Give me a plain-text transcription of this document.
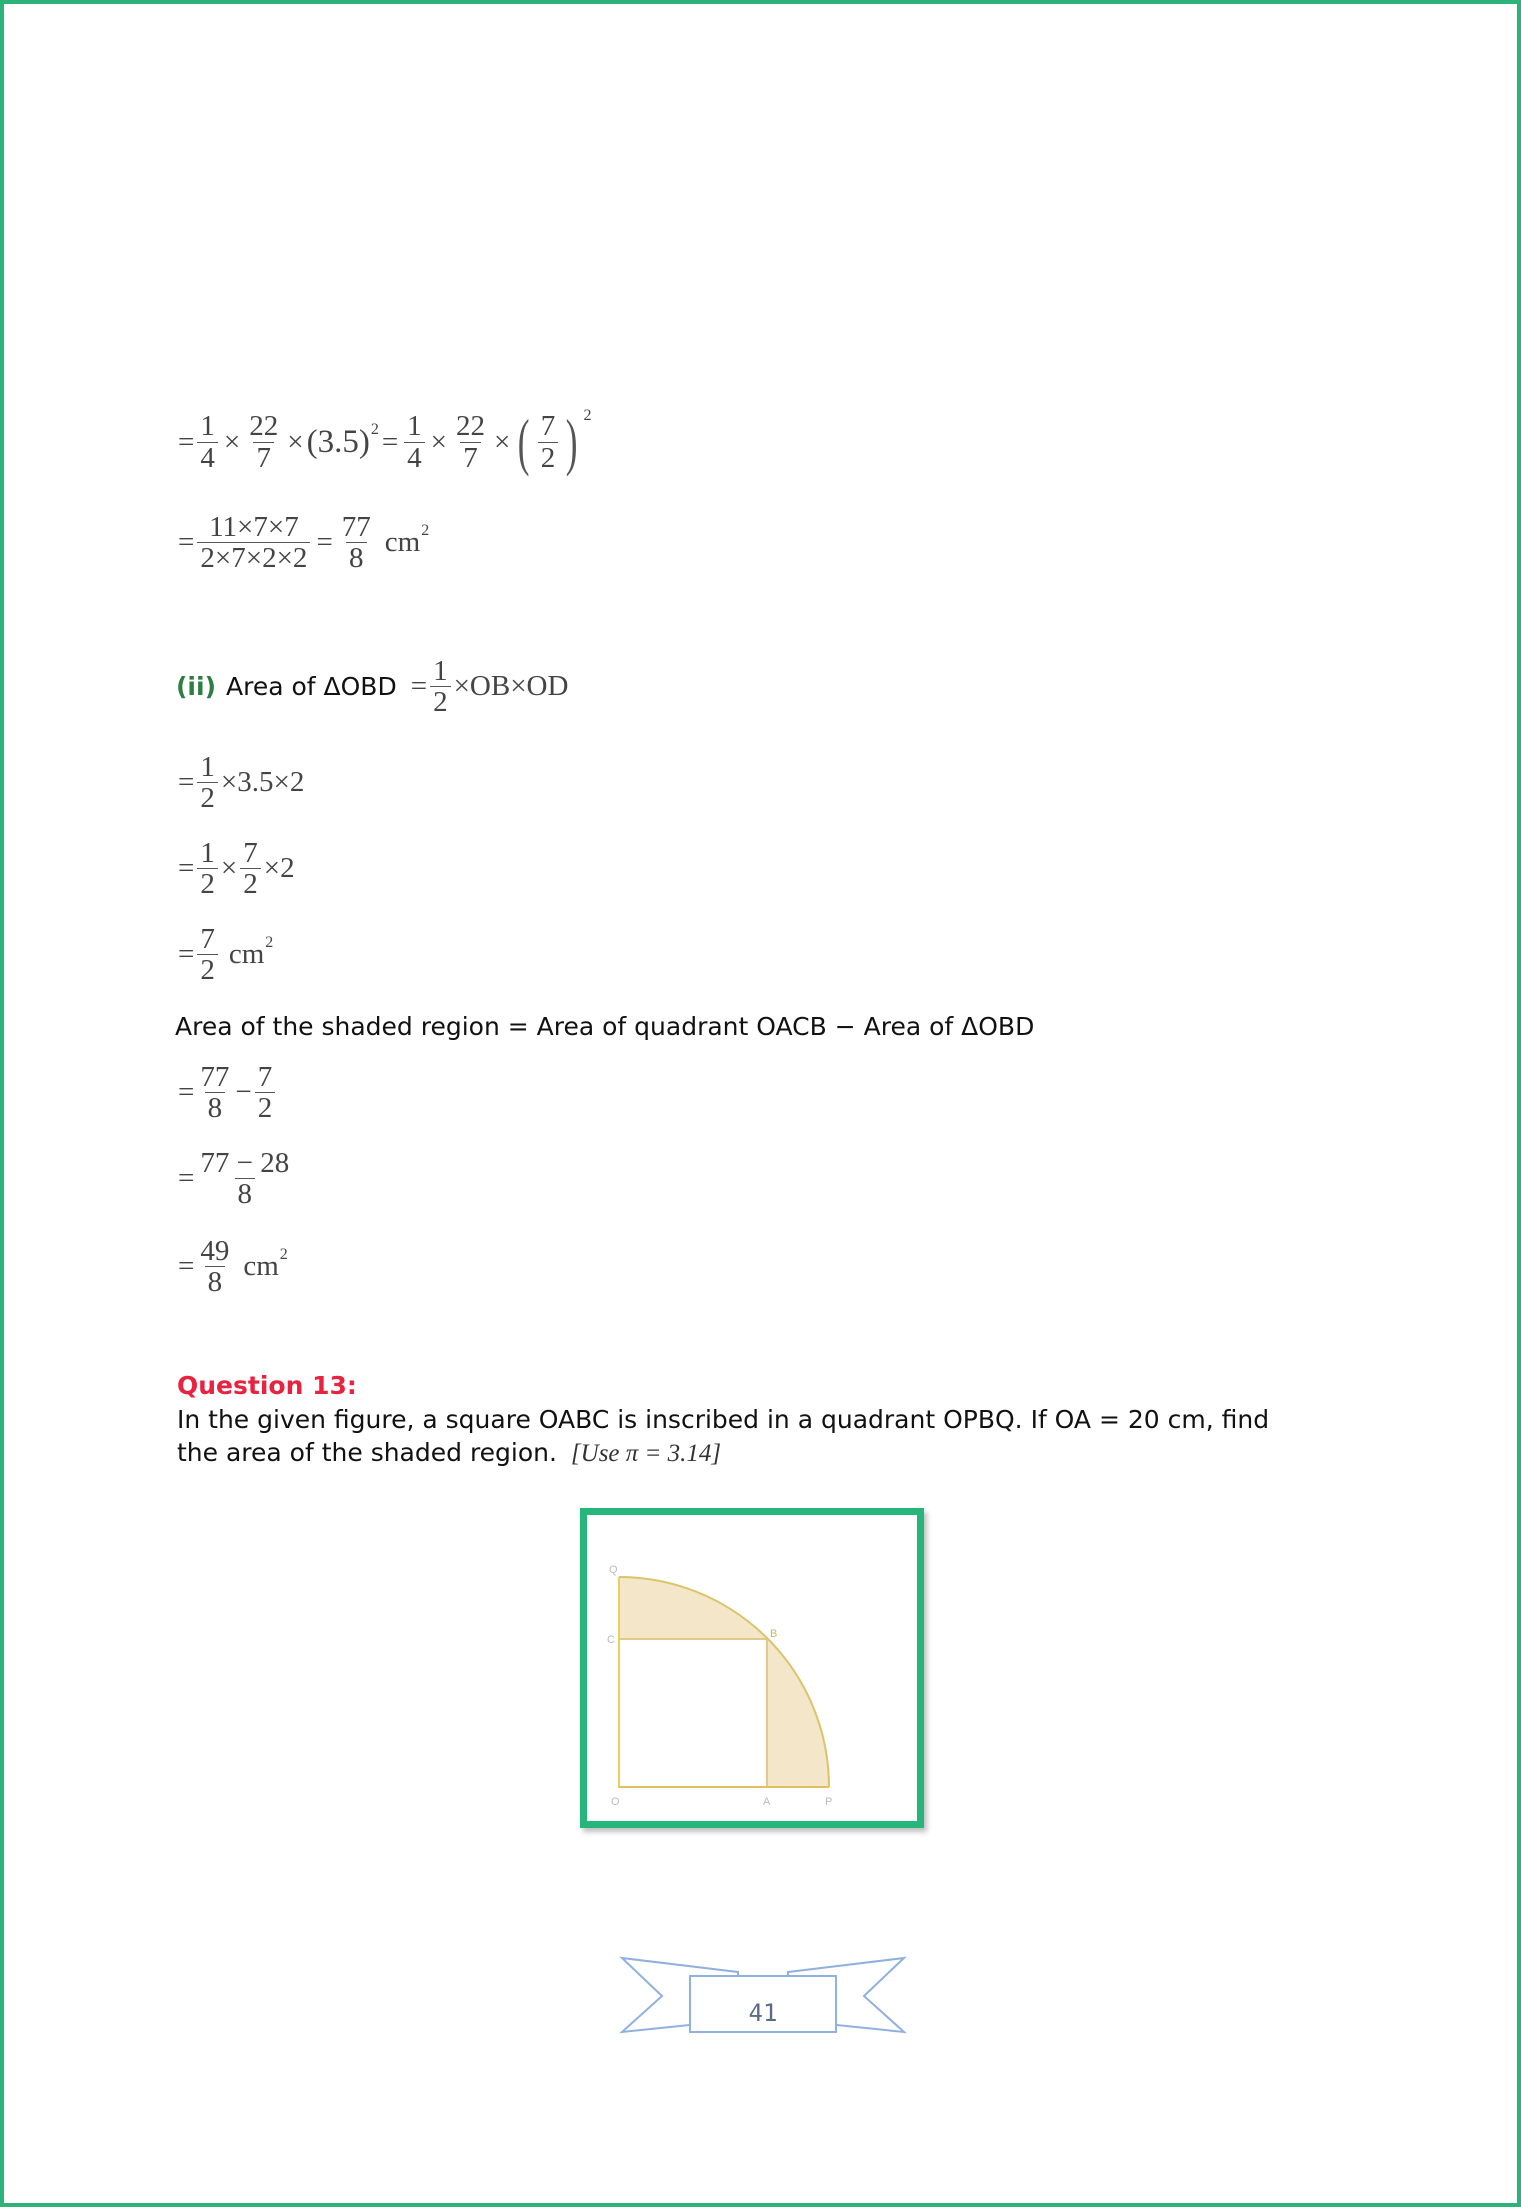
= $\frac{1}{4} \times \frac{22}{7} \times (3.5) 2 = \frac{1}{4} \times \frac{22}{7}$ × ( $\frac{7}{2}$ ) 2
= $\frac{11\times 7\times 7}{2\times 7\times 2\times 2} = \frac{77}{8}$ cm 2
(ii) Area of $\Delta OBD = \frac{1}{2} \times OB\times OD$
= $\frac{1}{2} \times 3.5\times 2$
= $\frac{1}{2} \times \frac{7}{2} \times 2$
= $\frac{7}{2}$ cm 2
Area of the shaded region = Area of quadrant OACB − Area of ΔOBD
= $\frac{77}{8} - \frac{7}{2}$
= $\frac{77 - 28}{8}$
= $\frac{49}{8}$ cm 2
Question 13:
In the given figure, a square OABC is inscribed in a quadrant OPBQ. If OA = 20 cm, find
the area of the shaded region. [Use π = 3.14]
Q
C	B
O	A	P
41
